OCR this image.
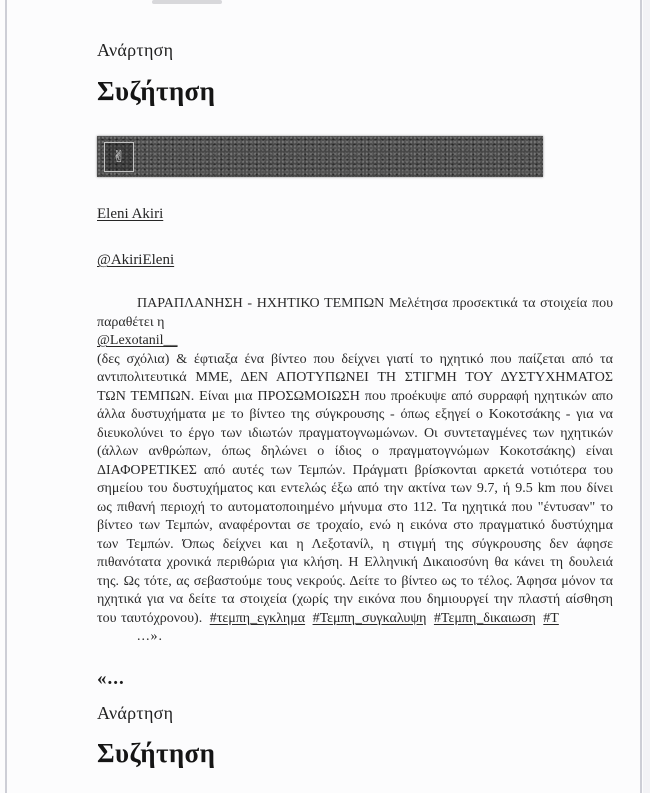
Ανάρτηση
Συζήτηση
✌
Eleni Akiri
@AkiriEleni
ΠΑΡΑΠΛΑΝΗΣΗ - ΗΧΗΤΙΚΟ ΤΕΜΠΩΝ Μελέτησα προσεκτικά τα στοιχεία που παραθέτει η
@Lexotanil__
(δες σχόλια) & έφτιαξα ένα βίντεο που δείχνει γιατί το ηχητικό που παίζεται από τα αντιπολιτευτικά ΜΜΕ, ΔΕΝ ΑΠΟΤΥΠΩΝΕΙ ΤΗ ΣΤΙΓΜΗ ΤΟΥ ΔΥΣΤΥΧΗΜΑΤΟΣ ΤΩΝ ΤΕΜΠΩΝ. Είναι μια ΠΡΟΣΩΜΟΙΩΣΗ που προέκυψε από συρραφή ηχητικών απο άλλα δυστυχήματα με το βίντεο της σύγκρουσης - όπως εξηγεί ο Κοκοτσάκης - για να διευκολύνει το έργο των ιδιωτών πραγματογνωμώνων. Οι συντεταγμένες των ηχητικών (άλλων ανθρώπων, όπως δηλώνει ο ίδιος ο πραγματογνώμων Κοκοτσάκης) είναι ΔΙΑΦΟΡΕΤΙΚΕΣ από αυτές των Τεμπών. Πράγματι βρίσκονται αρκετά νοτιότερα του σημείου του δυστυχήματος και εντελώς έξω από την ακτίνα των 9.7, ή 9.5 km που δίνει ως πιθανή περιοχή το αυτοματοποιημένο μήνυμα στο 112. Τα ηχητικά που "έντυσαν" το βίντεο των Τεμπών, αναφέρονται σε τροχαίο, ενώ η εικόνα στο πραγματικό δυστύχημα των Τεμπών. Όπως δείχνει και η Λεξοτανίλ, η στιγμή της σύγκρουσης δεν άφησε πιθανότατα χρονικά περιθώρια για κλήση. Η Ελληνική Δικαιοσύνη θα κάνει τη δουλειά της. Ως τότε, ας σεβαστούμε τους νεκρούς. Δείτε το βίντεο ως το τέλος. Άφησα μόνον τα ηχητικά για να δείτε τα στοιχεία (χωρίς την εικόνα που δημιουργεί την πλαστή αίσθηση του ταυτόχρονου). #τεμπη_εγκλημα #Τεμπη_συγκαλυψη #Τεμπη_δικαιωση #Τ
...».
«...
Ανάρτηση
Συζήτηση
